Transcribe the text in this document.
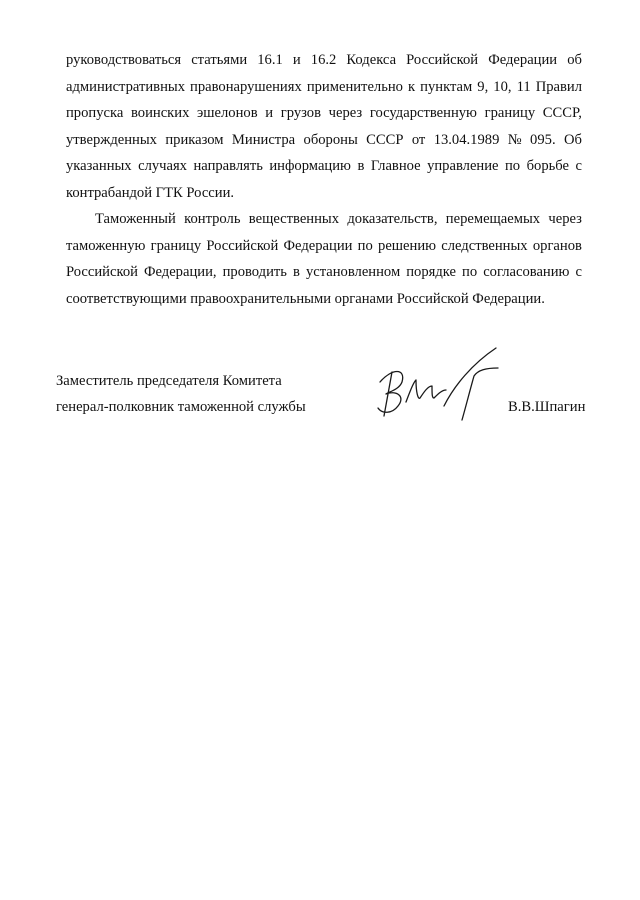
руководствоваться статьями 16.1 и 16.2 Кодекса Российской Федерации об
административных правонарушениях применительно к пунктам 9, 10, 11 Правил
пропуска воинских эшелонов и грузов через государственную границу СССР,
утвержденных приказом Министра обороны СССР от 13.04.1989 № 095. Об
указанных случаях направлять информацию в Главное управление по борьбе с
контрабандой ГТК России.
Таможенный контроль вещественных доказательств, перемещаемых через
таможенную границу Российской Федерации по решению следственных органов
Российской Федерации, проводить в установленном порядке по согласованию с
соответствующими правоохранительными органами Российской Федерации.
Заместитель председателя Комитета
генерал-полковник таможенной службы	В.В.Шпагин
